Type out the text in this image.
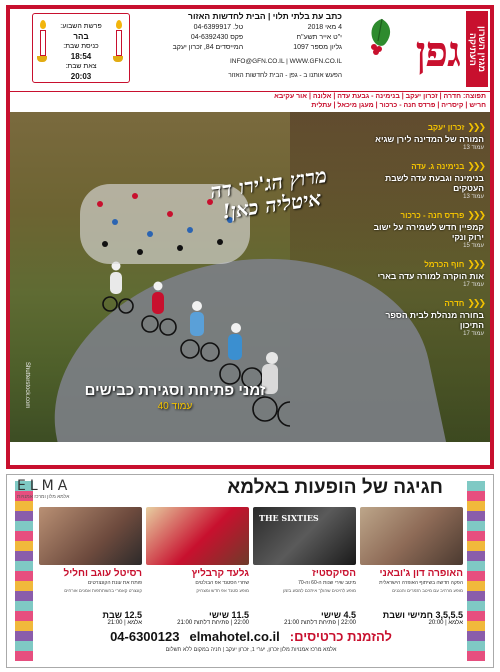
מגזין השרון העתיקה
גפן
כתב עת בלתי תלוי | הבית לחדשות האזור
4 מאי 2018
י"ט אייר תשע"ח
גליון מספר 1097
טל. 04-6399917
פקס 04-6392430
המייסדים 84, זכרון יעקב
INFO@GFN.CO.IL | WWW.GFN.CO.IL
הפעש אותנו ב - גפן - הבית לחדשות האזור
פרשת השבוע:
בהר
כניסת שבת:
18:54
צאת שבת:
20:03
תפוצה: חדרה | זכרון יעקב | בנימינה - גבעת עדה | אלונה | אור עקיבא
חריש | קיסריה | פרדס חנה - כרכור | מעגן מיכאל | עתלית
מרוץ הג'ירו דה איטליה כאן!
❮❮❮
זכרון יעקב
המורה של המדינה לירן שגיא
עמוד 13
❮❮❮
בנימינה ג. עדה
בנימינה וגבעת עדה לשבת העטקים
עמוד 13
❮❮❮
פרדס חנה - כרכור
קמפיין חדש לשמירה על ישוב ירוק ונקי
עמוד 15
❮❮❮
חוף הכרמל
אות הוקרה למורה עדה בארי
עמוד 17
❮❮❮
חדרה
בחורה מנהלת לבית הספר התיכון
עמוד 17
זמני פתיחת וסגירת כבישים
עמוד 40
Shutterstock.com
ELMA
אלמא מלון ומרכז אמנויות	חגיגה של הופעות באלמא
האופרה דון ג'ובאני
הפקה חדשה בשיתוף האופרה הישראלית
מופע מרהיב עם מיטב הזמרים והנגנים
3,5,5.5 חמישי ושבת
אלמא | 20:00
THE SIXTIES
הסיקסטיז
מיטב שירי שנות ה-60 וה-70
מופע להיטים שהולך איתכם למסע בזמן
4.5 שישי
22:00 | פתיחת דלתות 21:00
גלעד קרבליץ
שחרי הסטנד אפ הבולטים
מופע סטנד אפ חדש ומצחיק
11.5 שישי
22:00 | פתיחת דלתות 21:00
רסיטל עוגב וחליל
פותח את עונת הקונצרטים
קונצרט קאמרי בהשתתפות אמנים אורחים
12.5 שבת
אלמא | 21:00
להזמנת כרטיסים:
elmahotel.co.il
04-6300123
אלמא מרכז אמנויות מלון זכרון, יערי 1, זכרון יעקב | חניה במקום ללא תשלום
